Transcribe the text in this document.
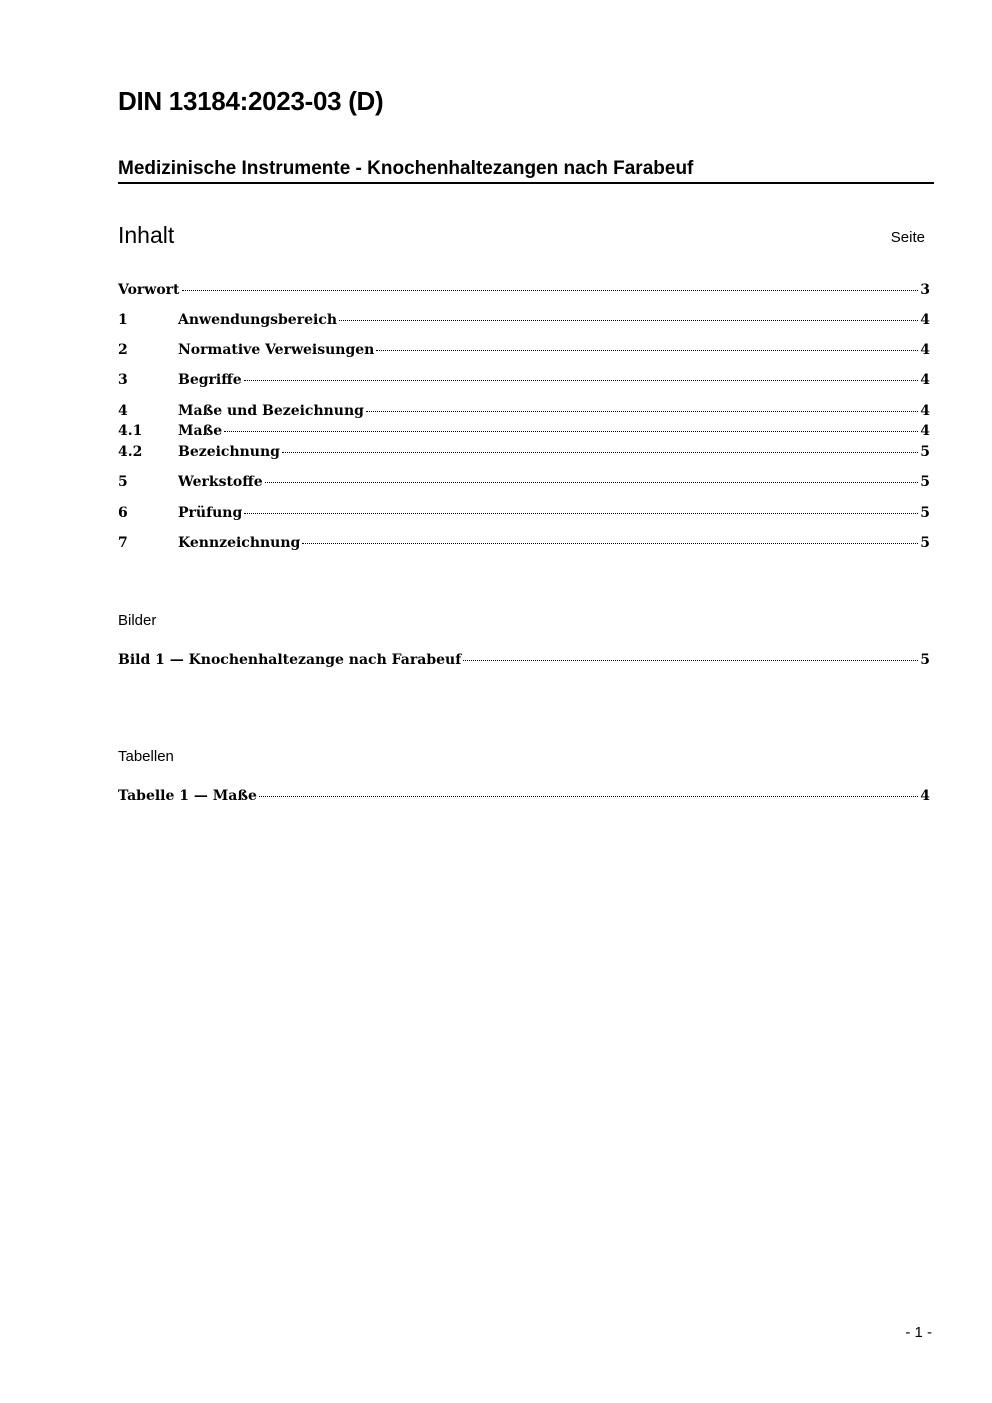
DIN 13184:2023-03 (D)
Medizinische Instrumente - Knochenhaltezangen nach Farabeuf
Inhalt	Seite
Vorwort	3
1	Anwendungsbereich	4
2	Normative Verweisungen	4
3	Begriffe	4
4	Maße und Bezeichnung	4
4.1	Maße	4
4.2	Bezeichnung	5
5	Werkstoffe	5
6	Prüfung	5
7	Kennzeichnung	5
Bilder
Bild 1 — Knochenhaltezange nach Farabeuf	5
Tabellen
Tabelle 1 — Maße	4
- 1 -
